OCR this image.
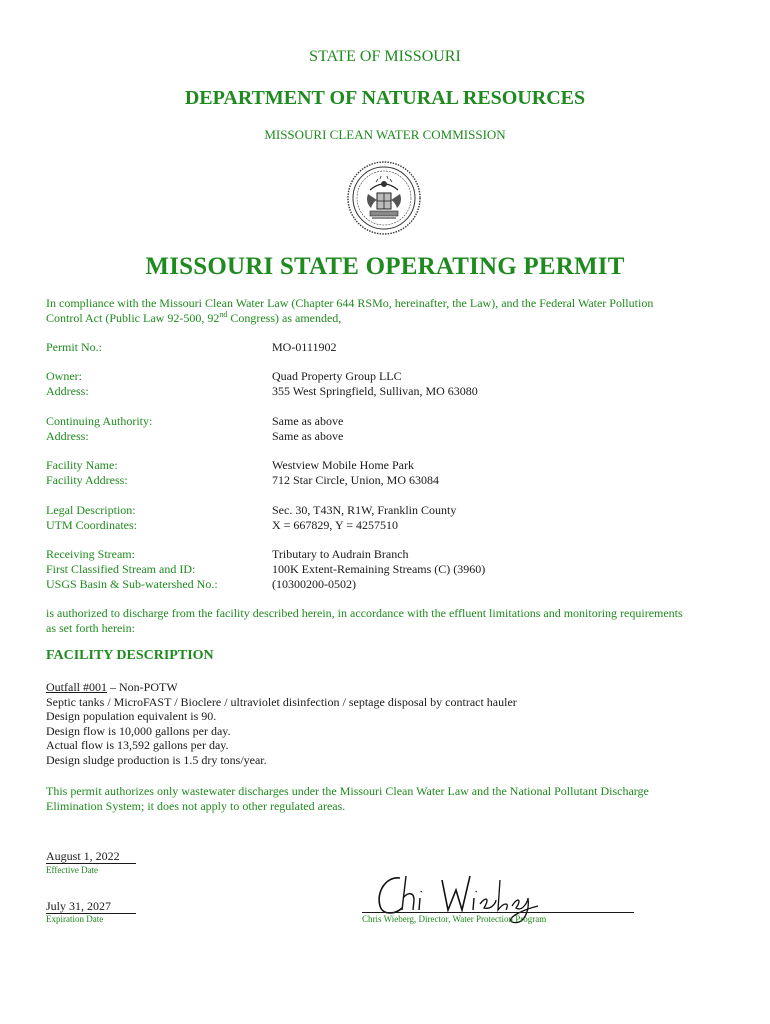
STATE OF MISSOURI
DEPARTMENT OF NATURAL RESOURCES
MISSOURI CLEAN WATER COMMISSION
MISSOURI STATE OPERATING PERMIT
In compliance with the Missouri Clean Water Law (Chapter 644 RSMo, hereinafter, the Law), and the Federal Water Pollution
Control Act (Public Law 92-500, 92nd Congress) as amended,
Permit No.:	MO-0111902
Owner:	Quad Property Group LLC
Address:	355 West Springfield, Sullivan, MO 63080
Continuing Authority:	Same as above
Address:	Same as above
Facility Name:	Westview Mobile Home Park
Facility Address:	712 Star Circle, Union, MO 63084
Legal Description:	Sec. 30, T43N, R1W, Franklin County
UTM Coordinates:	X = 667829, Y = 4257510
Receiving Stream:	Tributary to Audrain Branch
First Classified Stream and ID:	100K Extent-Remaining Streams (C) (3960)
USGS Basin & Sub-watershed No.:	(10300200-0502)
is authorized to discharge from the facility described herein, in accordance with the effluent limitations and monitoring requirements
as set forth herein:
FACILITY DESCRIPTION
Outfall #001 – Non-POTW
Septic tanks / MicroFAST / Bioclere / ultraviolet disinfection / septage disposal by contract hauler
Design population equivalent is 90.
Design flow is 10,000 gallons per day.
Actual flow is 13,592 gallons per day.
Design sludge production is 1.5 dry tons/year.
This permit authorizes only wastewater discharges under the Missouri Clean Water Law and the National Pollutant Discharge
Elimination System; it does not apply to other regulated areas.
August 1, 2022
Effective Date
July 31, 2027
Expiration Date	Chris Wieberg, Director, Water Protection Program
